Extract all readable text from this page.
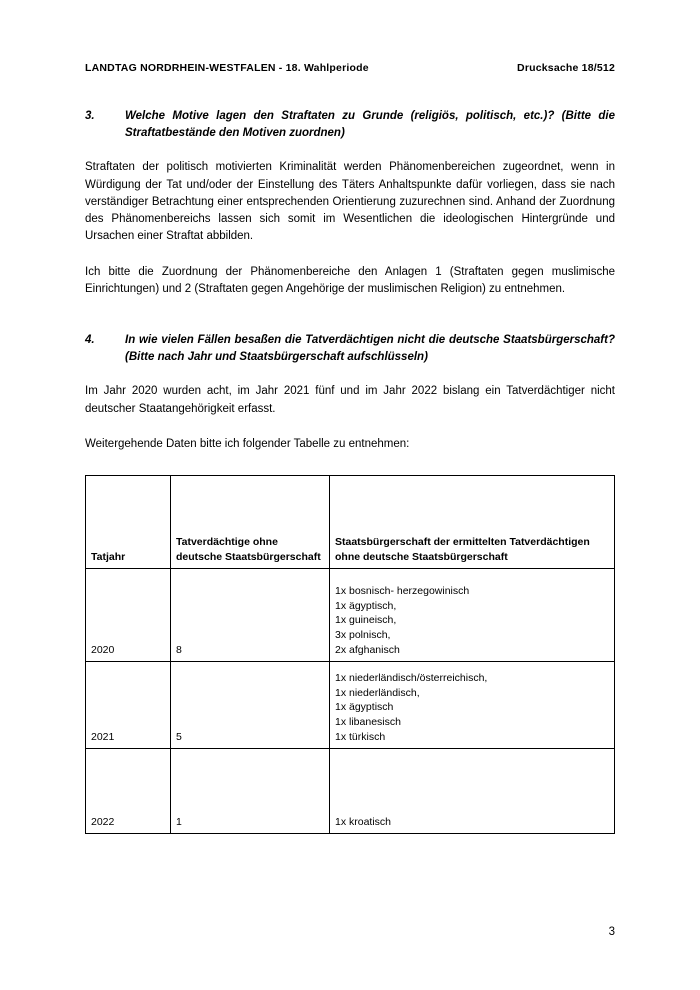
LANDTAG NORDRHEIN-WESTFALEN - 18. Wahlperiode	Drucksache 18/512
3.	Welche Motive lagen den Straftaten zu Grunde (religiös, politisch, etc.)? (Bitte die Straftatbestände den Motiven zuordnen)

Straftaten der politisch motivierten Kriminalität werden Phänomenbereichen zugeordnet, wenn in Würdigung der Tat und/oder der Einstellung des Täters Anhaltspunkte dafür vorliegen, dass sie nach verständiger Betrachtung einer entsprechenden Orientierung zuzurechnen sind. Anhand der Zuordnung des Phänomenbereichs lassen sich somit im Wesentlichen die ideologischen Hintergründe und Ursachen einer Straftat abbilden.

Ich bitte die Zuordnung der Phänomenbereiche den Anlagen 1 (Straftaten gegen muslimische Einrichtungen) und 2 (Straftaten gegen Angehörige der muslimischen Religion) zu entnehmen.

4.	In wie vielen Fällen besaßen die Tatverdächtigen nicht die deutsche Staatsbürgerschaft? (Bitte nach Jahr und Staatsbürgerschaft aufschlüsseln)

Im Jahr 2020 wurden acht, im Jahr 2021 fünf und im Jahr 2022 bislang ein Tatverdächtiger nicht deutscher Staatangehörigkeit erfasst.

Weitergehende Daten bitte ich folgender Tabelle zu entnehmen:

Tatjahr	Tatverdächtige ohne deutsche Staatsbürgerschaft	Staatsbürgerschaft der ermittelten Tatverdächtigen ohne deutsche Staatsbürgerschaft
2020	8	1x bosnisch- herzegowinisch
1x ägyptisch,
1x guineisch,
3x polnisch,
2x afghanisch

2021	5	1x niederländisch/österreichisch,
1x niederländisch,
1x ägyptisch
1x libanesisch
1x türkisch

2022	1	1x kroatisch
3
